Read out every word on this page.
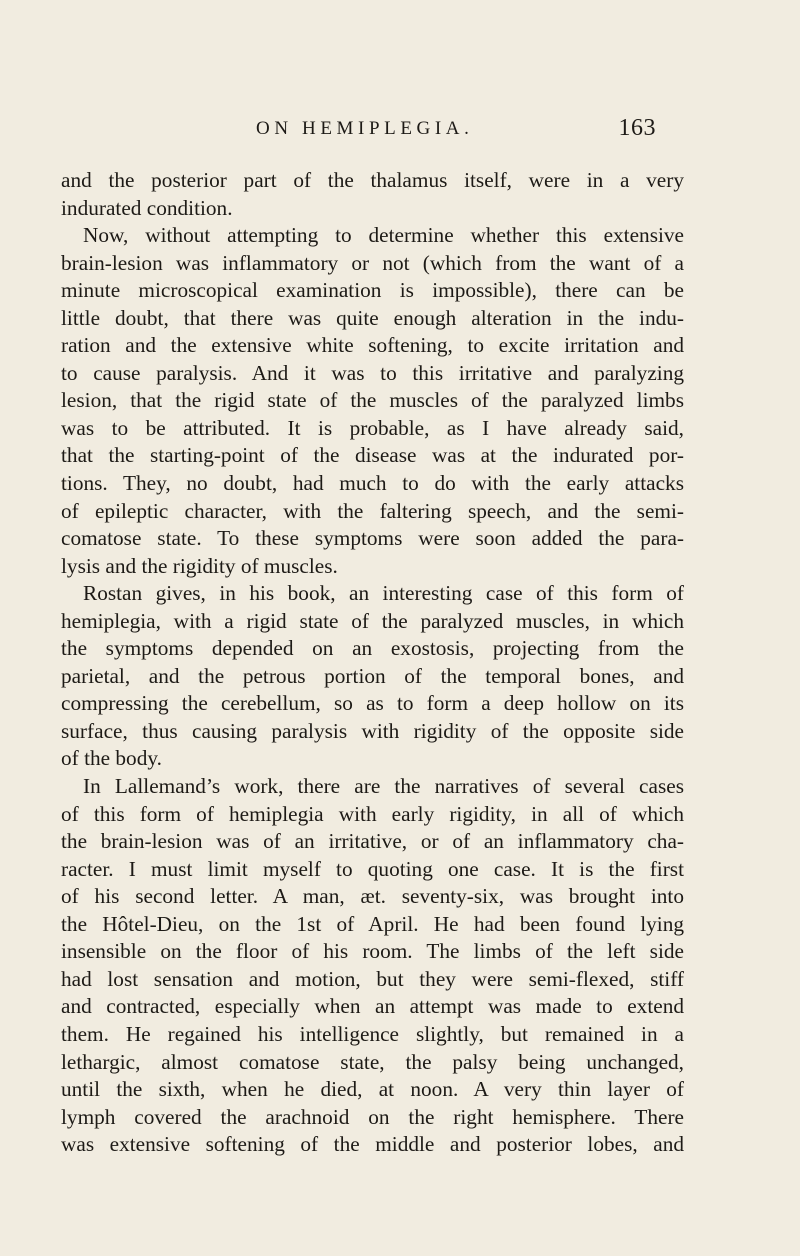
ON HEMIPLEGIA.	163
and the posterior part of the thalamus itself, were in a very
indurated condition.
Now, without attempting to determine whether this extensive
brain-lesion was inflammatory or not (which from the want of a
minute microscopical examination is impossible), there can be
little doubt, that there was quite enough alteration in the indu-
ration and the extensive white softening, to excite irritation and
to cause paralysis. And it was to this irritative and paralyzing
lesion, that the rigid state of the muscles of the paralyzed limbs
was to be attributed. It is probable, as I have already said,
that the starting-point of the disease was at the indurated por-
tions. They, no doubt, had much to do with the early attacks
of epileptic character, with the faltering speech, and the semi-
comatose state. To these symptoms were soon added the para-
lysis and the rigidity of muscles.
Rostan gives, in his book, an interesting case of this form of
hemiplegia, with a rigid state of the paralyzed muscles, in which
the symptoms depended on an exostosis, projecting from the
parietal, and the petrous portion of the temporal bones, and
compressing the cerebellum, so as to form a deep hollow on its
surface, thus causing paralysis with rigidity of the opposite side
of the body.
In Lallemand’s work, there are the narratives of several cases
of this form of hemiplegia with early rigidity, in all of which
the brain-lesion was of an irritative, or of an inflammatory cha-
racter. I must limit myself to quoting one case. It is the first
of his second letter. A man, æt. seventy-six, was brought into
the Hôtel-Dieu, on the 1st of April. He had been found lying
insensible on the floor of his room. The limbs of the left side
had lost sensation and motion, but they were semi-flexed, stiff
and contracted, especially when an attempt was made to extend
them. He regained his intelligence slightly, but remained in a
lethargic, almost comatose state, the palsy being unchanged,
until the sixth, when he died, at noon. A very thin layer of
lymph covered the arachnoid on the right hemisphere. There
was extensive softening of the middle and posterior lobes, and
